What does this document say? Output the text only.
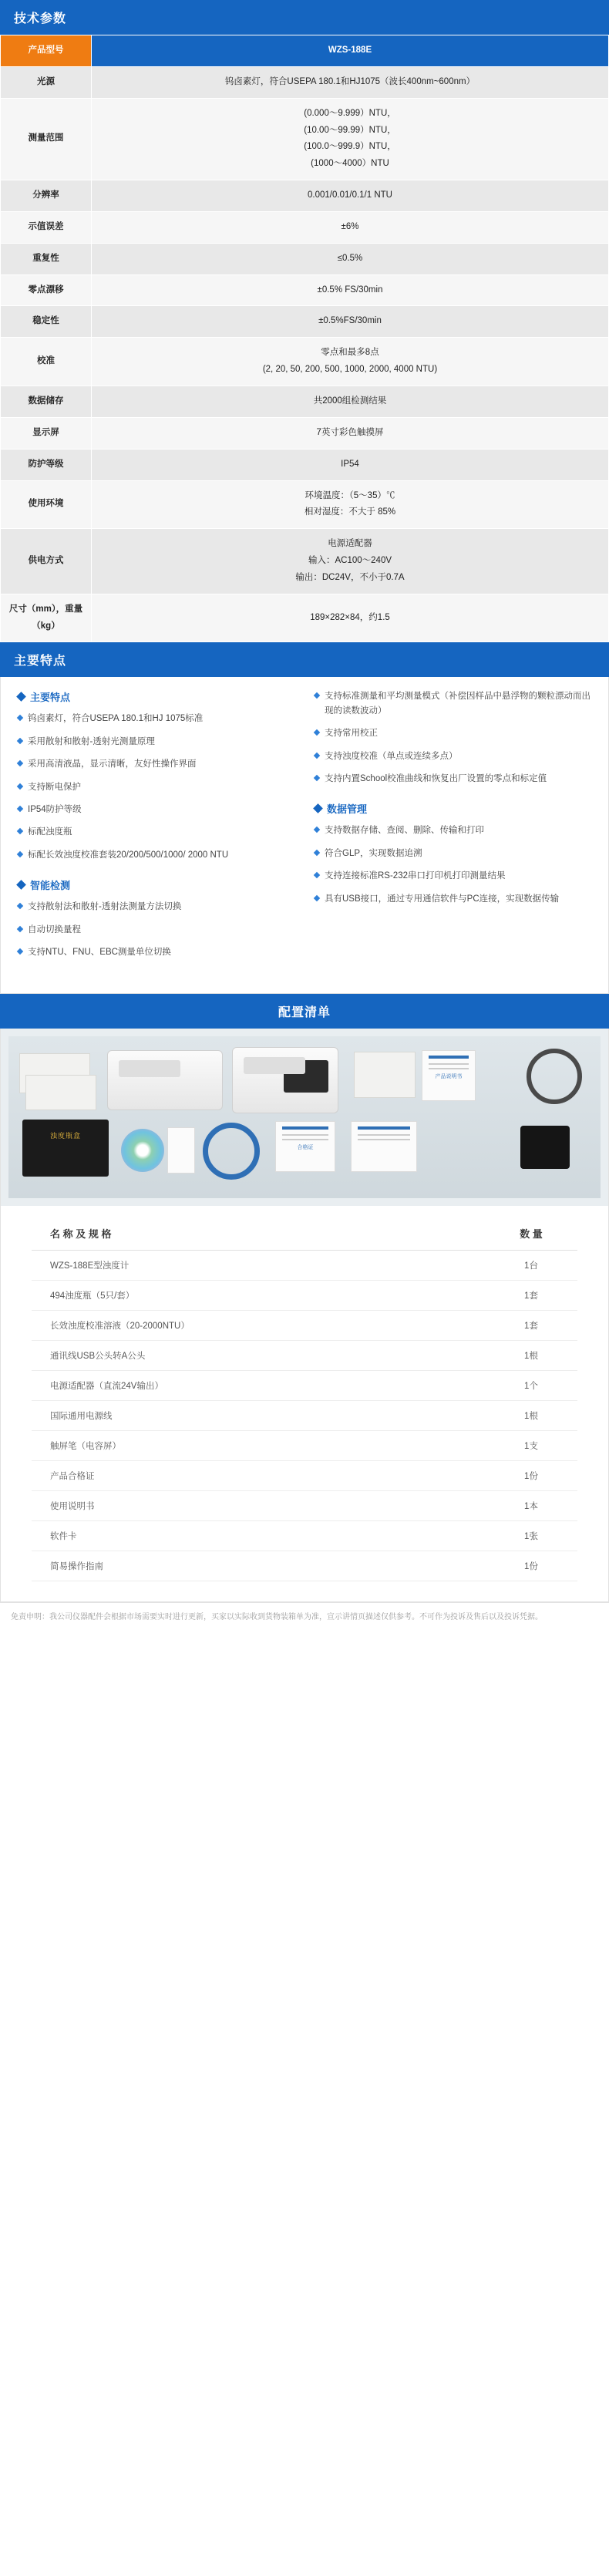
技术参数
产品型号	WZS-188E
光源	钨卤素灯，符合USEPA 180.1和HJ1075（波长400nm~600nm）

测量范围	(0.000～9.999）NTU，
(10.00～99.99）NTU，
(100.0～999.9）NTU，
(1000～4000）NTU

分辨率	0.001/0.01/0.1/1 NTU

示值误差	±6%

重复性	≤0.5%

零点漂移	±0.5% FS/30min

稳定性	±0.5%FS/30min

校准	零点和最多8点
(2, 20, 50, 200, 500, 1000, 2000, 4000 NTU)

数据储存	共2000组检测结果

显示屏	7英寸彩色触摸屏

防护等级	IP54

使用环境	环境温度：（5～35）℃
相对湿度：不大于 85%

供电方式	电源适配器
输入：AC100～240V
输出：DC24V，不小于0.7A

尺寸（mm），重量（kg）	189×282×84，约1.5
主要特点
主要特点
钨卤素灯，符合USEPA 180.1和HJ 1075标准
采用散射和散射-透射光测量原理
采用高清液晶，显示清晰，友好性操作界面
支持断电保护
IP54防护等级
标配浊度瓶
标配长效浊度校准套装20/200/500/1000/ 2000 NTU
智能检测
支持散射法和散射-透射法测量方法切换
自动切换量程
支持NTU、FNU、EBC测量单位切换
支持标准测量和平均测量模式（补偿因样品中悬浮物的颗粒漂动而出现的读数波动）
支持常用校正
支持浊度校准（单点或连续多点）
支持内置School校准曲线和恢复出厂设置的零点和标定值
数据管理
支持数据存储、查阅、删除、传输和打印
符合GLP，实现数据追溯
支持连接标准RS-232串口打印机打印测量结果
具有USB接口，通过专用通信软件与PC连接，实现数据传输
配置清单
产品说明书
浊度瓶盒
合格证
名 称 及 规 格	数 量
WZS-188E型浊度计	1台
494浊度瓶（5只/套）	1套
长效浊度校准溶液（20-2000NTU）	1套
通讯线USB公头转A公头	1根
电源适配器（直流24V输出）	1个
国际通用电源线	1根
触屏笔（电容屏）	1支
产品合格证	1份
使用说明书	1本
软件卡	1张
简易操作指南	1份
免责申明：我公司仪器配件会根据市场需要实时进行更新，买家以实际收到货物装箱单为准，宣示讲情页描述仅供参考。不可作为投诉及售后以及投诉凭据。
